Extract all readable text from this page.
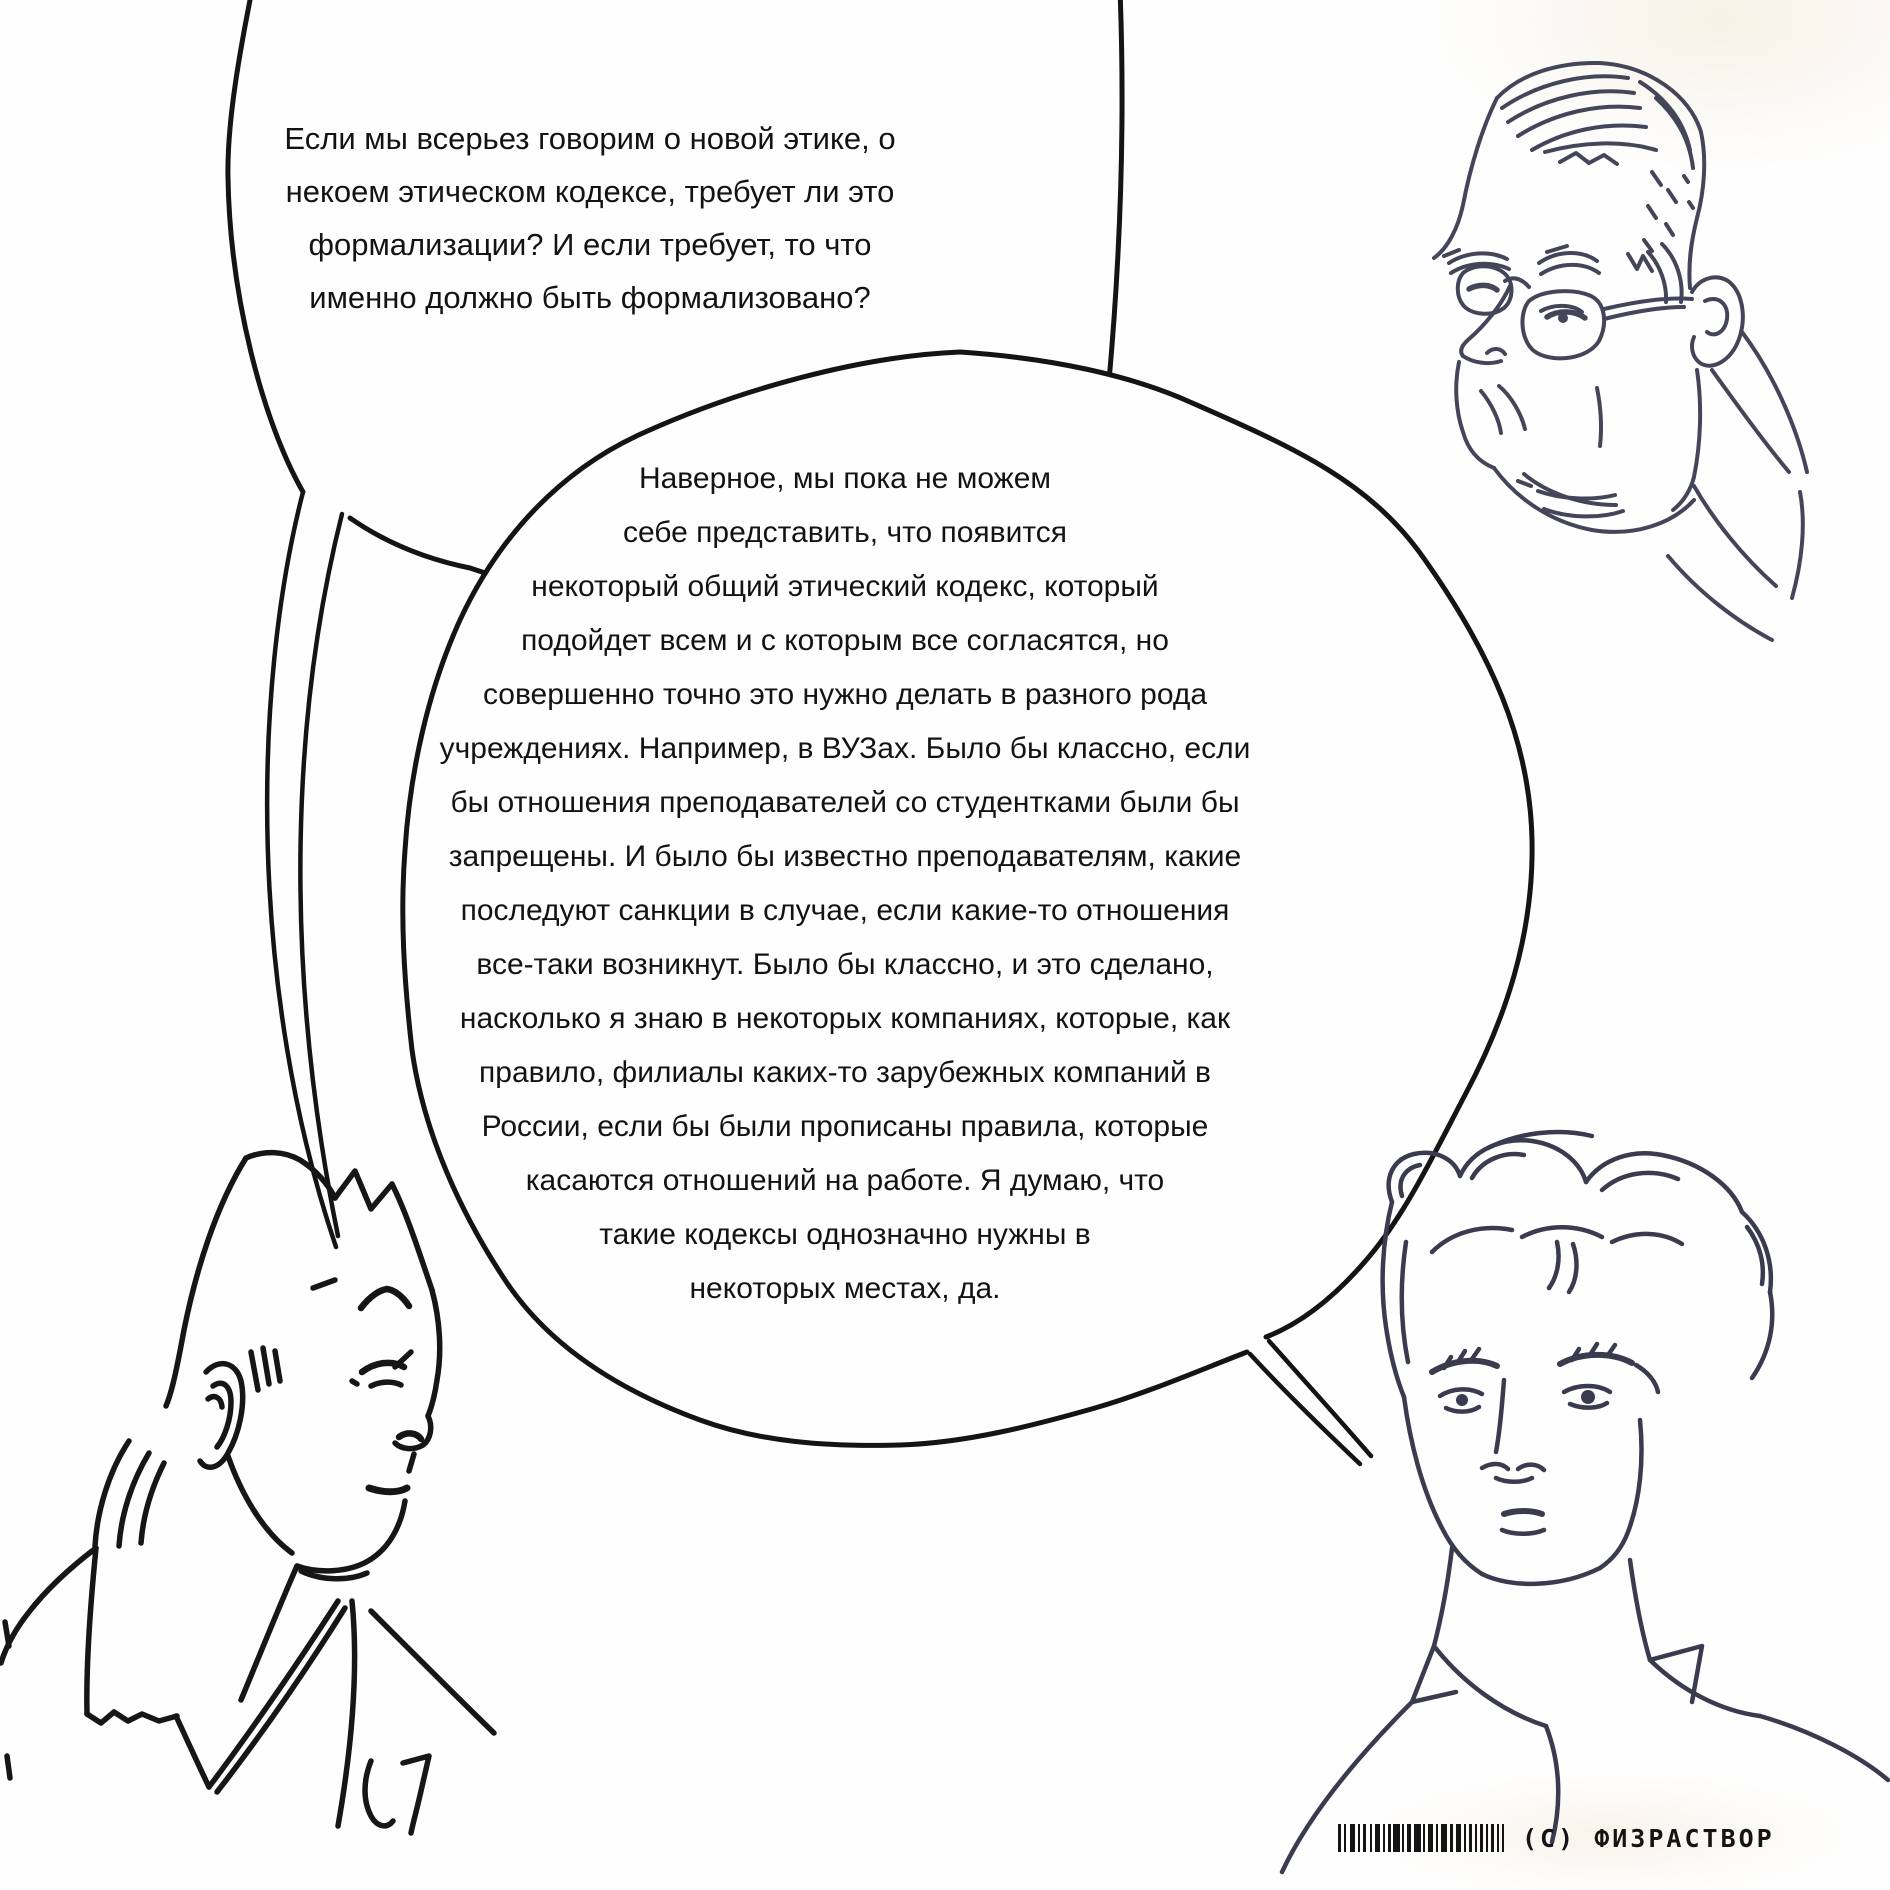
Если мы всерьез говорим о новой этике, о
некоем этическом кодексе, требует ли это
формализации? И если требует, то что
именно должно быть формализовано?
Наверное, мы пока не можем
себе представить, что появится
некоторый общий этический кодекс, который
подойдет всем и с которым все согласятся, но
совершенно точно это нужно делать в разного рода
учреждениях. Например, в ВУЗах. Было бы классно, если
бы отношения преподавателей со студентками были бы
запрещены. И было бы известно преподавателям, какие
последуют санкции в случае, если какие-то отношения
все-таки возникнут. Было бы классно, и это сделано,
насколько я знаю в некоторых компаниях, которые, как
правило, филиалы каких-то зарубежных компаний в
России, если бы были прописаны правила, которые
касаются отношений на работе. Я думаю, что
такие кодексы однозначно нужны в
некоторых местах, да.
(С) ФИЗРАСТВОР
